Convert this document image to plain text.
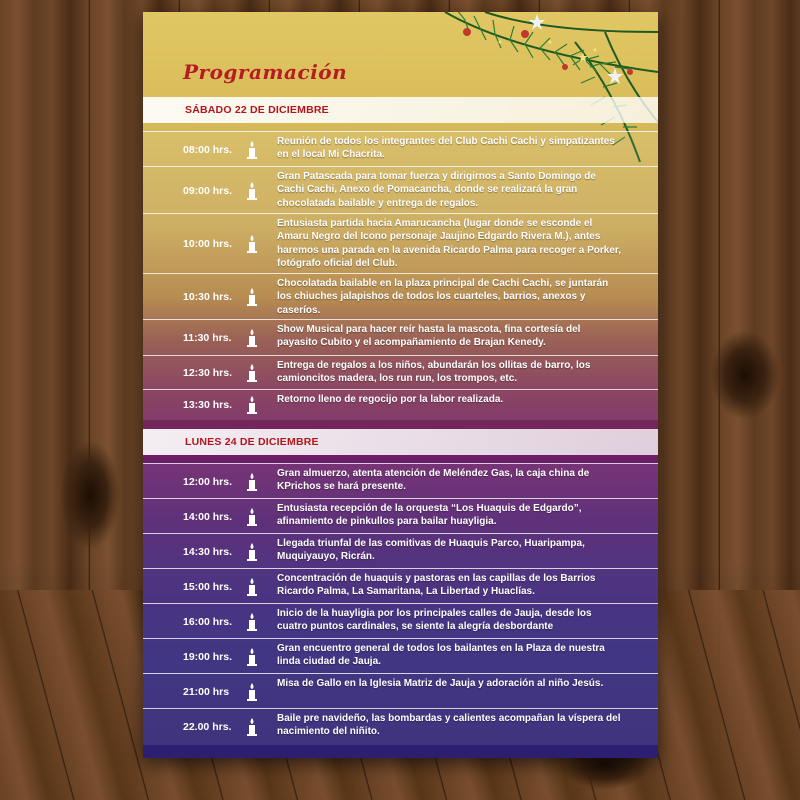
Programación
SÁBADO 22 DE DICIEMBRE
08:00 hrs.
Reunión de todos los integrantes del Club Cachi Cachi y simpatizantes en el local Mi Chacrita.
09:00 hrs.
Gran Patascada para tomar fuerza y dirigirnos a Santo Domingo de Cachi Cachi, Anexo de Pomacancha, donde se realizará la gran chocolatada bailable y entrega de regalos.
10:00 hrs.
Entusiasta partida hacia Amarucancha (lugar donde se esconde el Amaru Negro del Icono personaje Jaujino Edgardo Rivera M.), antes haremos una parada en la avenida Ricardo Palma para recoger a Porker, fotógrafo oficial del Club.
10:30 hrs.
Chocolatada bailable en la plaza principal de Cachi Cachi, se juntarán los chiuches jalapishos de todos los cuarteles, barrios, anexos y caseríos.
11:30 hrs.
Show Musical para hacer reír hasta la mascota, fina cortesía del payasito Cubito y el acompañamiento de Brajan Kenedy.
12:30 hrs.
Entrega de regalos a los niños, abundarán los ollitas de barro, los camioncitos madera, los run run, los trompos, etc.
13:30 hrs.	Retorno lleno de regocijo por la labor realizada.
LUNES 24 DE DICIEMBRE
12:00 hrs.
Gran almuerzo, atenta atención de Meléndez Gas, la caja china de KPrichos se hará presente.
14:00 hrs.
Entusiasta recepción de la orquesta “Los Huaquis de Edgardo”, afinamiento de pinkullos para bailar huayligia.
14:30 hrs.
Llegada triunfal de las comitivas de Huaquis Parco, Huaripampa, Muquiyauyo, Ricrán.
15:00 hrs.
Concentración de huaquis y pastoras en las capillas de los Barrios Ricardo Palma, La Samaritana, La Libertad y Huaclías.
16:00 hrs.
Inicio de la huayligia por los principales calles de Jauja, desde los cuatro puntos cardinales, se siente la alegría desbordante
19:00 hrs.
Gran encuentro general de todos los bailantes en la Plaza de nuestra linda ciudad de Jauja.
21:00 hrs
Misa de Gallo en la Iglesia Matriz de Jauja y adoración al niño Jesús.
22.00 hrs.
Baile pre navideño, las bombardas y calientes acompañan la víspera del nacimiento del niñito.
